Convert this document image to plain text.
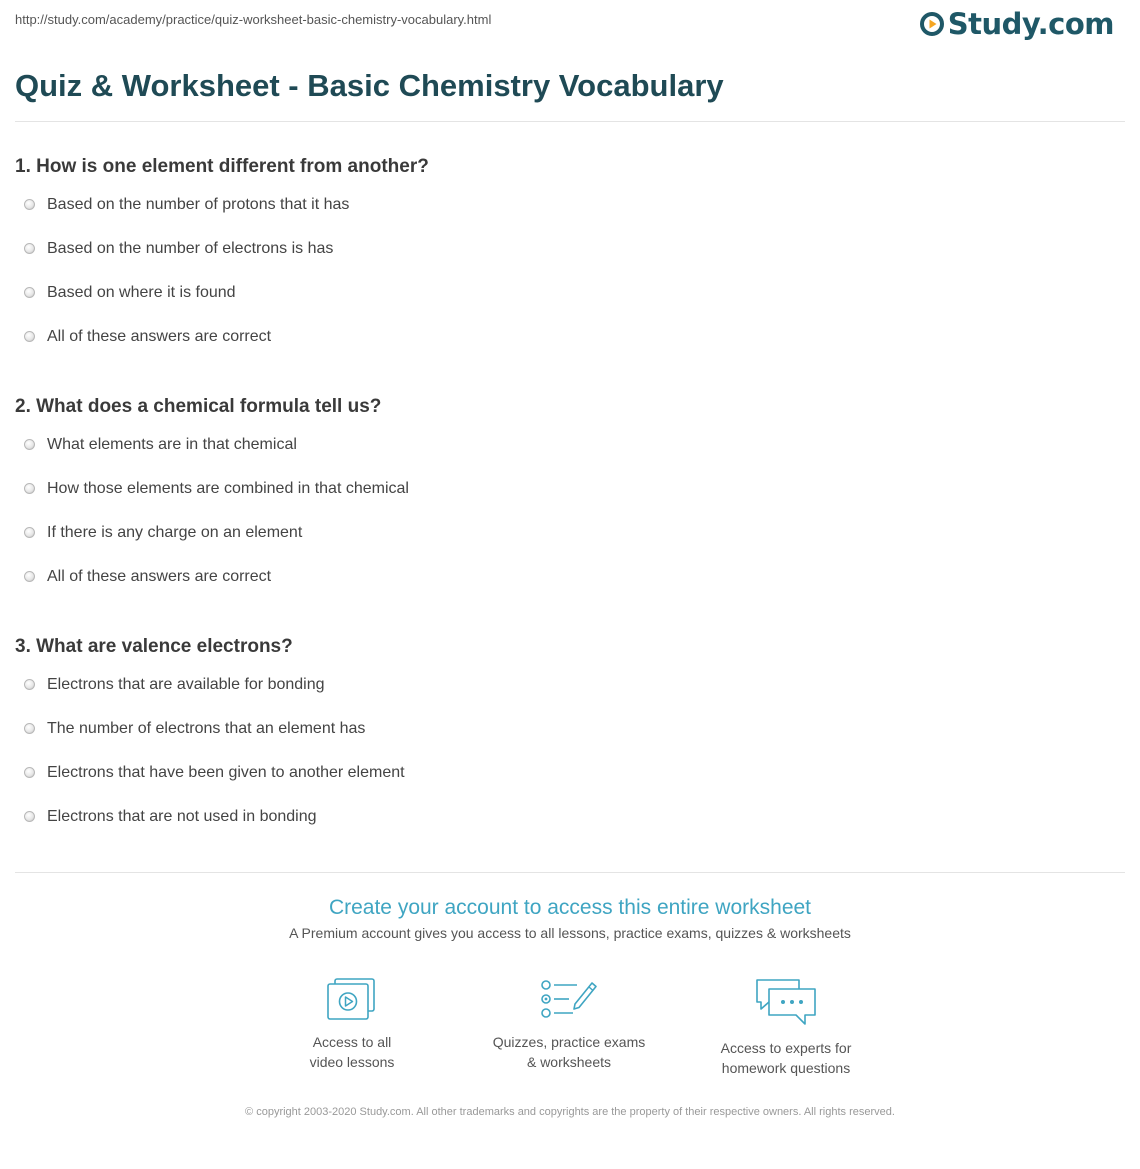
http://study.com/academy/practice/quiz-worksheet-basic-chemistry-vocabulary.html	Study.com
Quiz & Worksheet - Basic Chemistry Vocabulary
1. How is one element different from another?
Based on the number of protons that it has
Based on the number of electrons is has
Based on where it is found
All of these answers are correct
2. What does a chemical formula tell us?
What elements are in that chemical
How those elements are combined in that chemical
If there is any charge on an element
All of these answers are correct
3. What are valence electrons?
Electrons that are available for bonding
The number of electrons that an element has
Electrons that have been given to another element
Electrons that are not used in bonding

Create your account to access this entire worksheet

A Premium account gives you access to all lessons, practice exams, quizzes & worksheets

Access to all
video lessons
Quizzes, practice exams
& worksheets
Access to experts for
homework questions
© copyright 2003-2020 Study.com. All other trademarks and copyrights are the property of their respective owners. All rights reserved.
